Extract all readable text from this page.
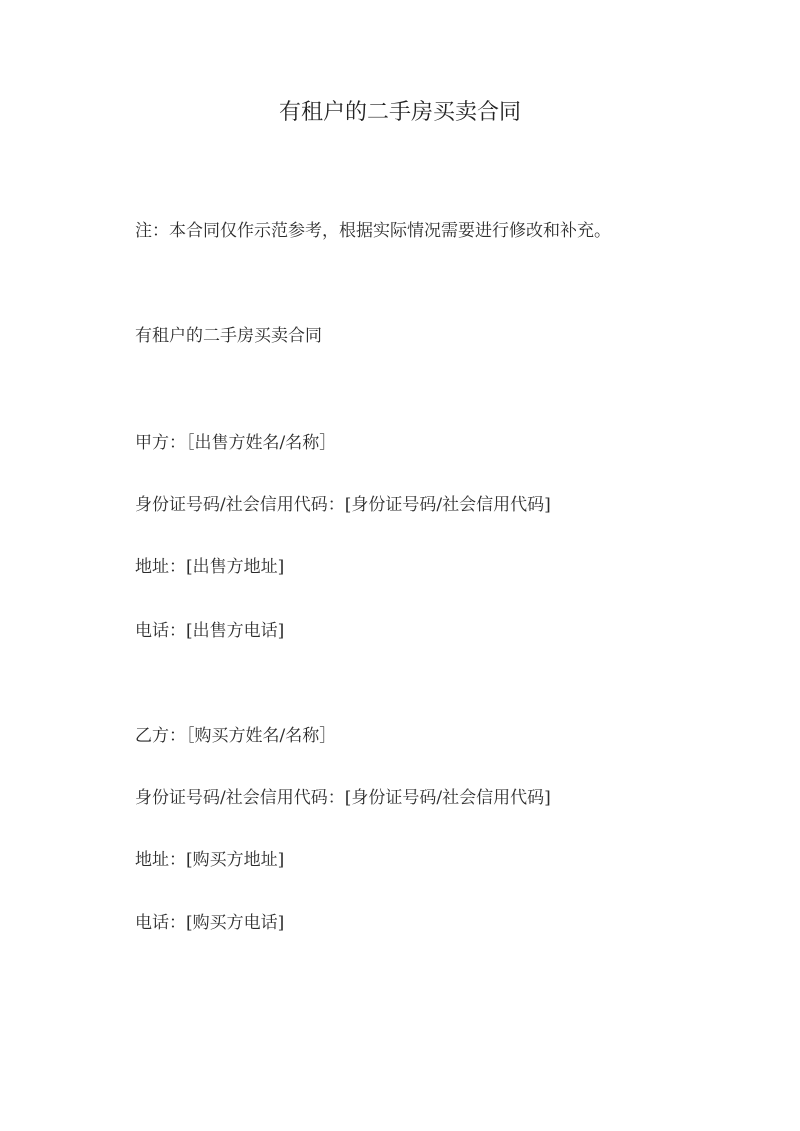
有租户的二手房买卖合同
注：本合同仅作示范参考，根据实际情况需要进行修改和补充。
有租户的二手房买卖合同
甲方：［出售方姓名/名称］
身份证号码/社会信用代码：[身份证号码/社会信用代码]
地址：[出售方地址]
电话：[出售方电话]
乙方：［购买方姓名/名称］
身份证号码/社会信用代码：[身份证号码/社会信用代码]
地址：[购买方地址]
电话：[购买方电话]
